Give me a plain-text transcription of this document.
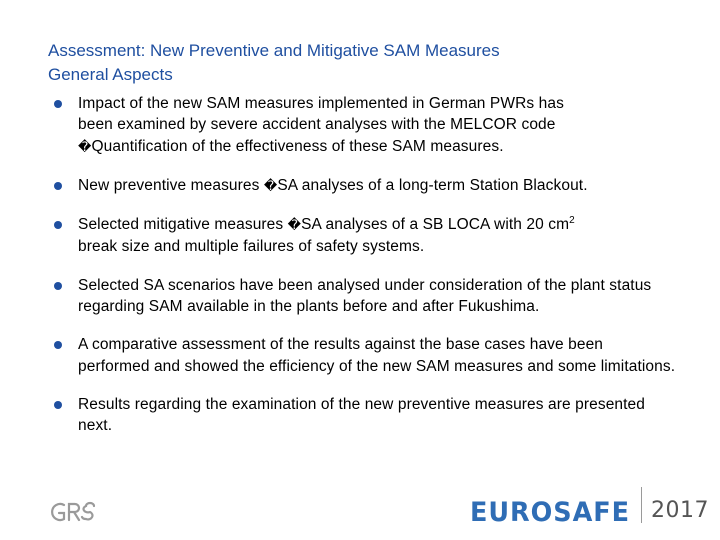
Assessment: New Preventive and Mitigative SAM Measures
General Aspects
Impact of the new SAM measures implemented in German PWRs has
been examined by severe accident analyses with the MELCOR code
�Quantification of the effectiveness of these SAM measures.
New preventive measures �SA analyses of a long-term Station Blackout.
Selected mitigative measures �SA analyses of a SB LOCA with 20 $cm^2$
break size and multiple failures of safety systems.
Selected SA scenarios have been analysed under consideration of the plant status regarding SAM available in the plants before and after Fukushima.
A comparative assessment of the results against the base cases have been performed and showed the efficiency of the new SAM measures and some limitations.
Results regarding the examination of the new preventive measures are presented next.
EUROSAFE 2017
